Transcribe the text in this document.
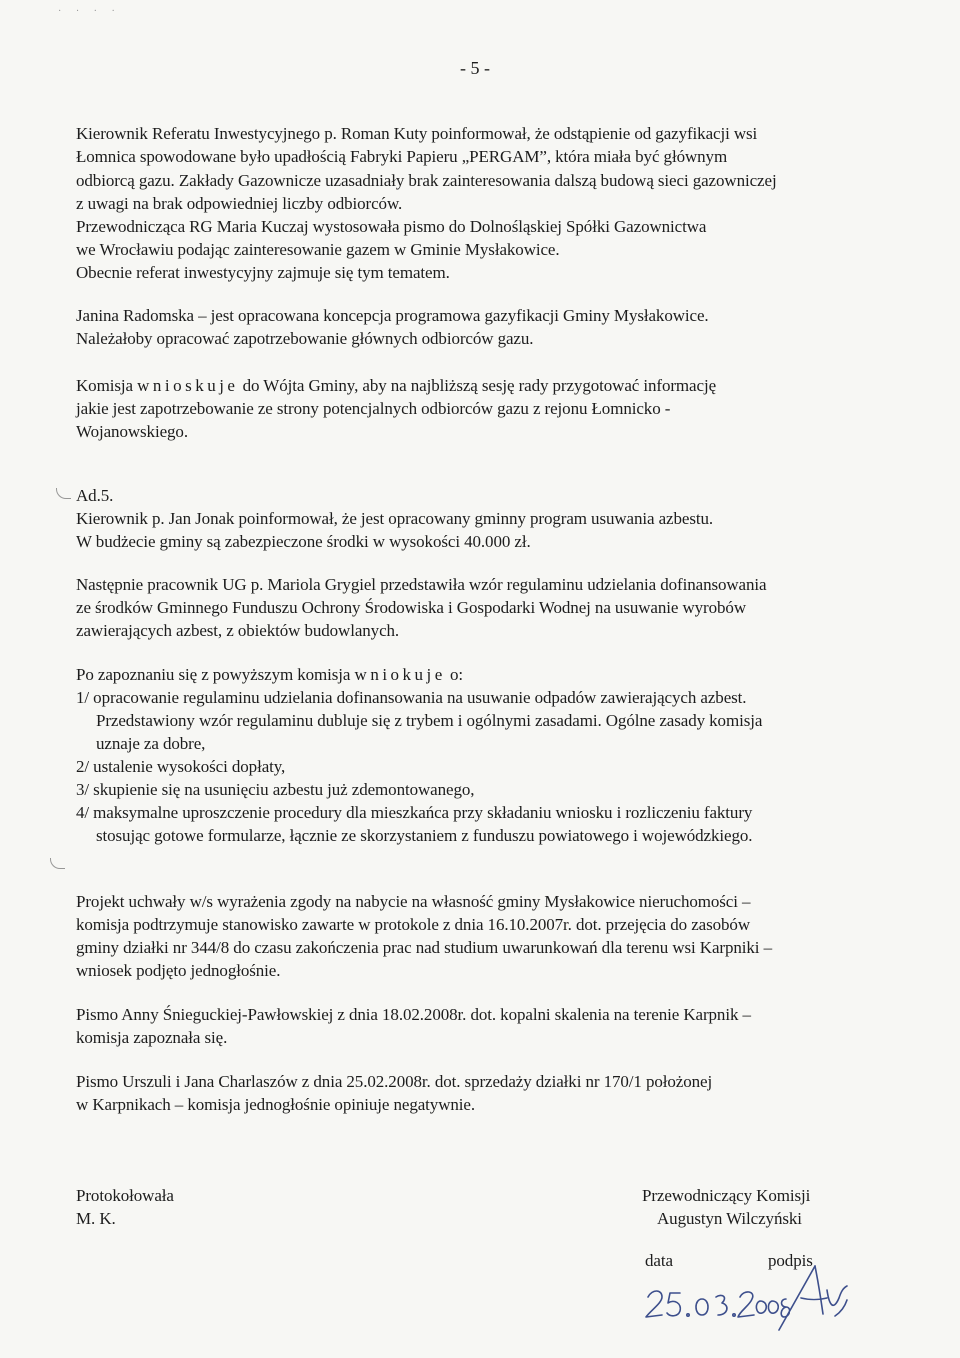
· · · ·
- 5 -
Kierownik Referatu Inwestycyjnego p. Roman Kuty poinformował, że odstąpienie od gazyfikacji wsi
Łomnica spowodowane było upadłością Fabryki Papieru „PERGAM”, która miała być głównym
odbiorcą gazu. Zakłady Gazownicze uzasadniały brak zainteresowania dalszą budową sieci gazowniczej
z uwagi na brak odpowiedniej liczby odbiorców.
Przewodnicząca RG Maria Kuczaj wystosowała pismo do Dolnośląskiej Spółki Gazownictwa
we Wrocławiu podając zainteresowanie gazem w Gminie Mysłakowice.
Obecnie referat inwestycyjny zajmuje się tym tematem.
Janina Radomska – jest opracowana koncepcja programowa gazyfikacji Gminy Mysłakowice.
Należałoby opracować zapotrzebowanie głównych odbiorców gazu.
Komisja wnioskuje do Wójta Gminy, aby na najbliższą sesję rady przygotować informację
jakie jest zapotrzebowanie ze strony potencjalnych odbiorców gazu z rejonu Łomnicko -
Wojanowskiego.
Ad.5.
Kierownik p. Jan Jonak poinformował, że jest opracowany gminny program usuwania azbestu.
W budżecie gminy są zabezpieczone środki w wysokości 40.000 zł.
Następnie pracownik UG p. Mariola Grygiel przedstawiła wzór regulaminu udzielania dofinansowania
ze środków Gminnego Funduszu Ochrony Środowiska i Gospodarki Wodnej na usuwanie wyrobów
zawierających azbest, z obiektów budowlanych.
Po zapoznaniu się z powyższym komisja wniokuje o:
1/ opracowanie regulaminu udzielania dofinansowania na usuwanie odpadów zawierających azbest.
Przedstawiony wzór regulaminu dubluje się z trybem i ogólnymi zasadami. Ogólne zasady komisja
uznaje za dobre,
2/ ustalenie wysokości dopłaty,
3/ skupienie się na usunięciu azbestu już zdemontowanego,
4/ maksymalne uproszczenie procedury dla mieszkańca przy składaniu wniosku i rozliczeniu faktury
stosując gotowe formularze, łącznie ze skorzystaniem z funduszu powiatowego i wojewódzkiego.
Projekt uchwały w/s wyrażenia zgody na nabycie na własność gminy Mysłakowice nieruchomości –
komisja podtrzymuje stanowisko zawarte w protokole z dnia 16.10.2007r. dot. przejęcia do zasobów
gminy działki nr 344/8 do czasu zakończenia prac nad studium uwarunkowań dla terenu wsi Karpniki –
wniosek podjęto jednogłośnie.
Pismo Anny Śnieguckiej-Pawłowskiej z dnia 18.02.2008r. dot. kopalni skalenia na terenie Karpnik –
komisja zapoznała się.
Pismo Urszuli i Jana Charlaszów z dnia 25.02.2008r. dot. sprzedaży działki nr 170/1 położonej
w Karpnikach – komisja jednogłośnie opiniuje negatywnie.
Protokołowała
M. K.
Przewodniczący Komisji
Augustyn Wilczyński
data	podpis
